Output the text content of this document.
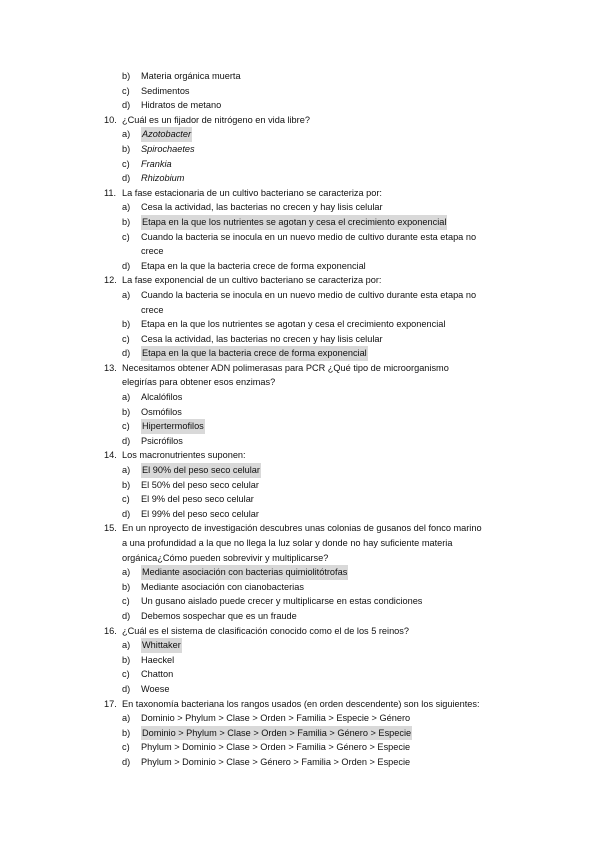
b) Materia orgánica muerta
c) Sedimentos
d) Hidratos de metano
10. ¿Cuál es un fijador de nitrógeno en vida libre?
a) Azotobacter
b) Spirochaetes
c) Frankia
d) Rhizobium
11. La fase estacionaria de un cultivo bacteriano se caracteriza por:
a) Cesa la actividad, las bacterias no crecen y hay lisis celular
b) Etapa en la que los nutrientes se agotan y cesa el crecimiento exponencial
c) Cuando la bacteria se inocula en un nuevo medio de cultivo durante esta etapa no
crece
d) Etapa en la que la bacteria crece de forma exponencial
12. La fase exponencial de un cultivo bacteriano se caracteriza por:
a) Cuando la bacteria se inocula en un nuevo medio de cultivo durante esta etapa no
crece
b) Etapa en la que los nutrientes se agotan y cesa el crecimiento exponencial
c) Cesa la actividad, las bacterias no crecen y hay lisis celular
d) Etapa en la que la bacteria crece de forma exponencial
13. Necesitamos obtener ADN polimerasas para PCR ¿Qué tipo de microorganismo
elegirías para obtener esos enzimas?
a) Alcalófilos
b) Osmófilos
c) Hipertermofilos
d) Psicrófilos
14. Los macronutrientes suponen:
a) El 90% del peso seco celular
b) El 50% del peso seco celular
c) El 9% del peso seco celular
d) El 99% del peso seco celular
15. En un nproyecto de investigación descubres unas colonias de gusanos del fonco marino
a una profundidad a la que no llega la luz solar y donde no hay suficiente materia
orgánica¿Cómo pueden sobrevivir y multiplicarse?
a) Mediante asociación con bacterias quimiolitótrofas
b) Mediante asociación con cianobacterias
c) Un gusano aislado puede crecer y multiplicarse en estas condiciones
d) Debemos sospechar que es un fraude
16. ¿Cuál es el sistema de clasificación conocido como el de los 5 reinos?
a) Whittaker
b) Haeckel
c) Chatton
d) Woese
17. En taxonomía bacteriana los rangos usados (en orden descendente) son los siguientes:
a) Dominio > Phylum > Clase > Orden > Familia > Especie > Género
b) Dominio > Phylum > Clase > Orden > Familia > Género > Especie
c) Phylum > Dominio > Clase > Orden > Familia > Género > Especie
d) Phylum > Dominio > Clase > Género > Familia > Orden > Especie
